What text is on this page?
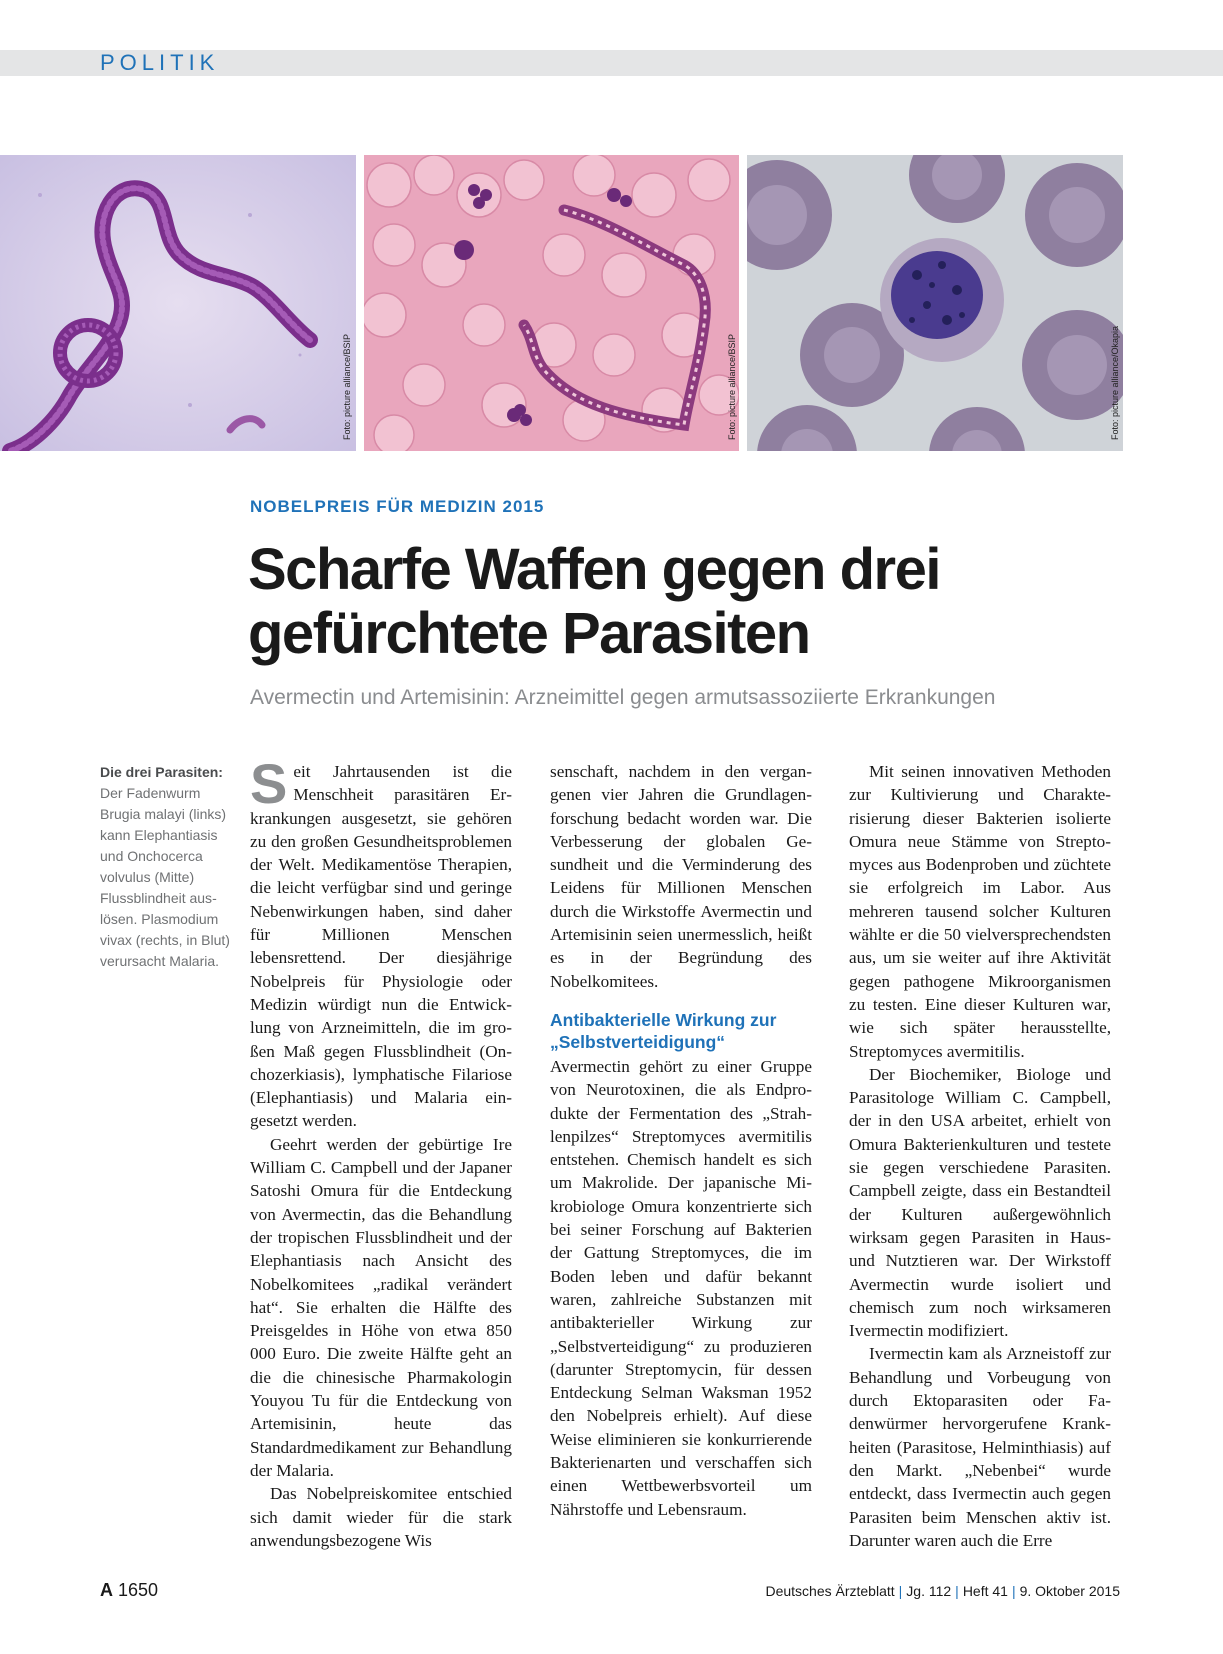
POLITIK
Foto: picture alliance/BSIP	Foto: picture alliance/BSIP	Foto: picture alliance/Okapia
NOBELPREIS FÜR MEDIZIN 2015
Scharfe Waffen gegen drei
gefürchtete Parasiten
Avermectin und Artemisinin: Arzneimittel gegen armutsassoziierte Erkrankungen
Die drei Parasiten:
Der Fadenwurm Brugia malayi (links) kann Elephantiasis und Onchocerca volvulus (Mitte) Flussblindheit auslösen. Plasmodium vivax (rechts, in Blut) verursacht Malaria.

Seit Jahrtausenden ist die Menschheit parasitären Erkrankungen ausgesetzt, sie gehören zu den großen Gesundheitsproblemen der Welt. Medikamentöse Therapien, die leicht verfügbar sind und geringe Nebenwirkungen haben, sind daher für Millionen Menschen lebensrettend. Der diesjährige Nobelpreis für Physiologie oder Medizin würdigt nun die Entwicklung von Arzneimitteln, die im großen Maß gegen Flussblindheit (Onchozerkiasis), lymphatische Filariose (Elephantiasis) und Malaria eingesetzt werden.

Geehrt werden der gebürtige Ire William C. Campbell und der Japaner Satoshi Omura für die Entdeckung von Avermectin, das die Behandlung der tropischen Flussblindheit und der Elephantiasis nach Ansicht des Nobelkomitees „radikal verändert hat“. Sie erhalten die Hälfte des Preisgeldes in Höhe von etwa 850 000 Euro. Die zweite Hälfte geht an die die chinesische Pharmakologin Youyou Tu für die Entdeckung von Artemisinin, heute das Standardmedikament zur Behandlung der Malaria.

Das Nobelpreiskomitee entschied sich damit wieder für die stark anwendungsbezogene Wis

senschaft, nachdem in den vergangenen vier Jahren die Grundlagenforschung bedacht worden war. Die Verbesserung der globalen Gesundheit und die Verminderung des Leidens für Millionen Menschen durch die Wirkstoffe Avermectin und Artemisinin seien unermesslich, heißt es in der Begründung des Nobelkomitees.

Antibakterielle Wirkung zur „Selbstverteidigung“

Avermectin gehört zu einer Gruppe von Neurotoxinen, die als Endprodukte der Fermentation des „Strahlenpilzes“ Streptomyces avermitilis entstehen. Chemisch handelt es sich um Makrolide. Der japanische Mikrobiologe Omura konzentrierte sich bei seiner Forschung auf Bakterien der Gattung Streptomyces, die im Boden leben und dafür bekannt waren, zahlreiche Substanzen mit antibakterieller Wirkung zur „Selbstverteidigung“ zu produzieren (darunter Streptomycin, für dessen Entdeckung Selman Waksman 1952 den Nobelpreis erhielt). Auf diese Weise eliminieren sie konkurrierende Bakterienarten und verschaffen sich einen Wettbewerbsvorteil um Nährstoffe und Lebensraum.

Mit seinen innovativen Methoden zur Kultivierung und Charakterisierung dieser Bakterien isolierte Omura neue Stämme von Streptomyces aus Bodenproben und züchtete sie erfolgreich im Labor. Aus mehreren tausend solcher Kulturen wählte er die 50 vielversprechendsten aus, um sie weiter auf ihre Aktivität gegen pathogene Mikroorganismen zu testen. Eine dieser Kulturen war, wie sich später herausstellte, Streptomyces avermitilis.

Der Biochemiker, Biologe und Parasitologe William C. Campbell, der in den USA arbeitet, erhielt von Omura Bakterienkulturen und testete sie gegen verschiedene Parasiten. Campbell zeigte, dass ein Bestandteil der Kulturen außergewöhnlich wirksam gegen Parasiten in Haus- und Nutztieren war. Der Wirkstoff Avermectin wurde isoliert und chemisch zum noch wirksameren Ivermectin modifiziert.

Ivermectin kam als Arzneistoff zur Behandlung und Vorbeugung von durch Ektoparasiten oder Fadenwürmer hervorgerufene Krankheiten (Parasitose, Helminthiasis) auf den Markt. „Nebenbei“ wurde entdeckt, dass Ivermectin auch gegen Parasiten beim Menschen aktiv ist. Darunter waren auch die Erre

A 1650	Deutsches Ärzteblatt | Jg. 112 | Heft 41 | 9. Oktober 2015
